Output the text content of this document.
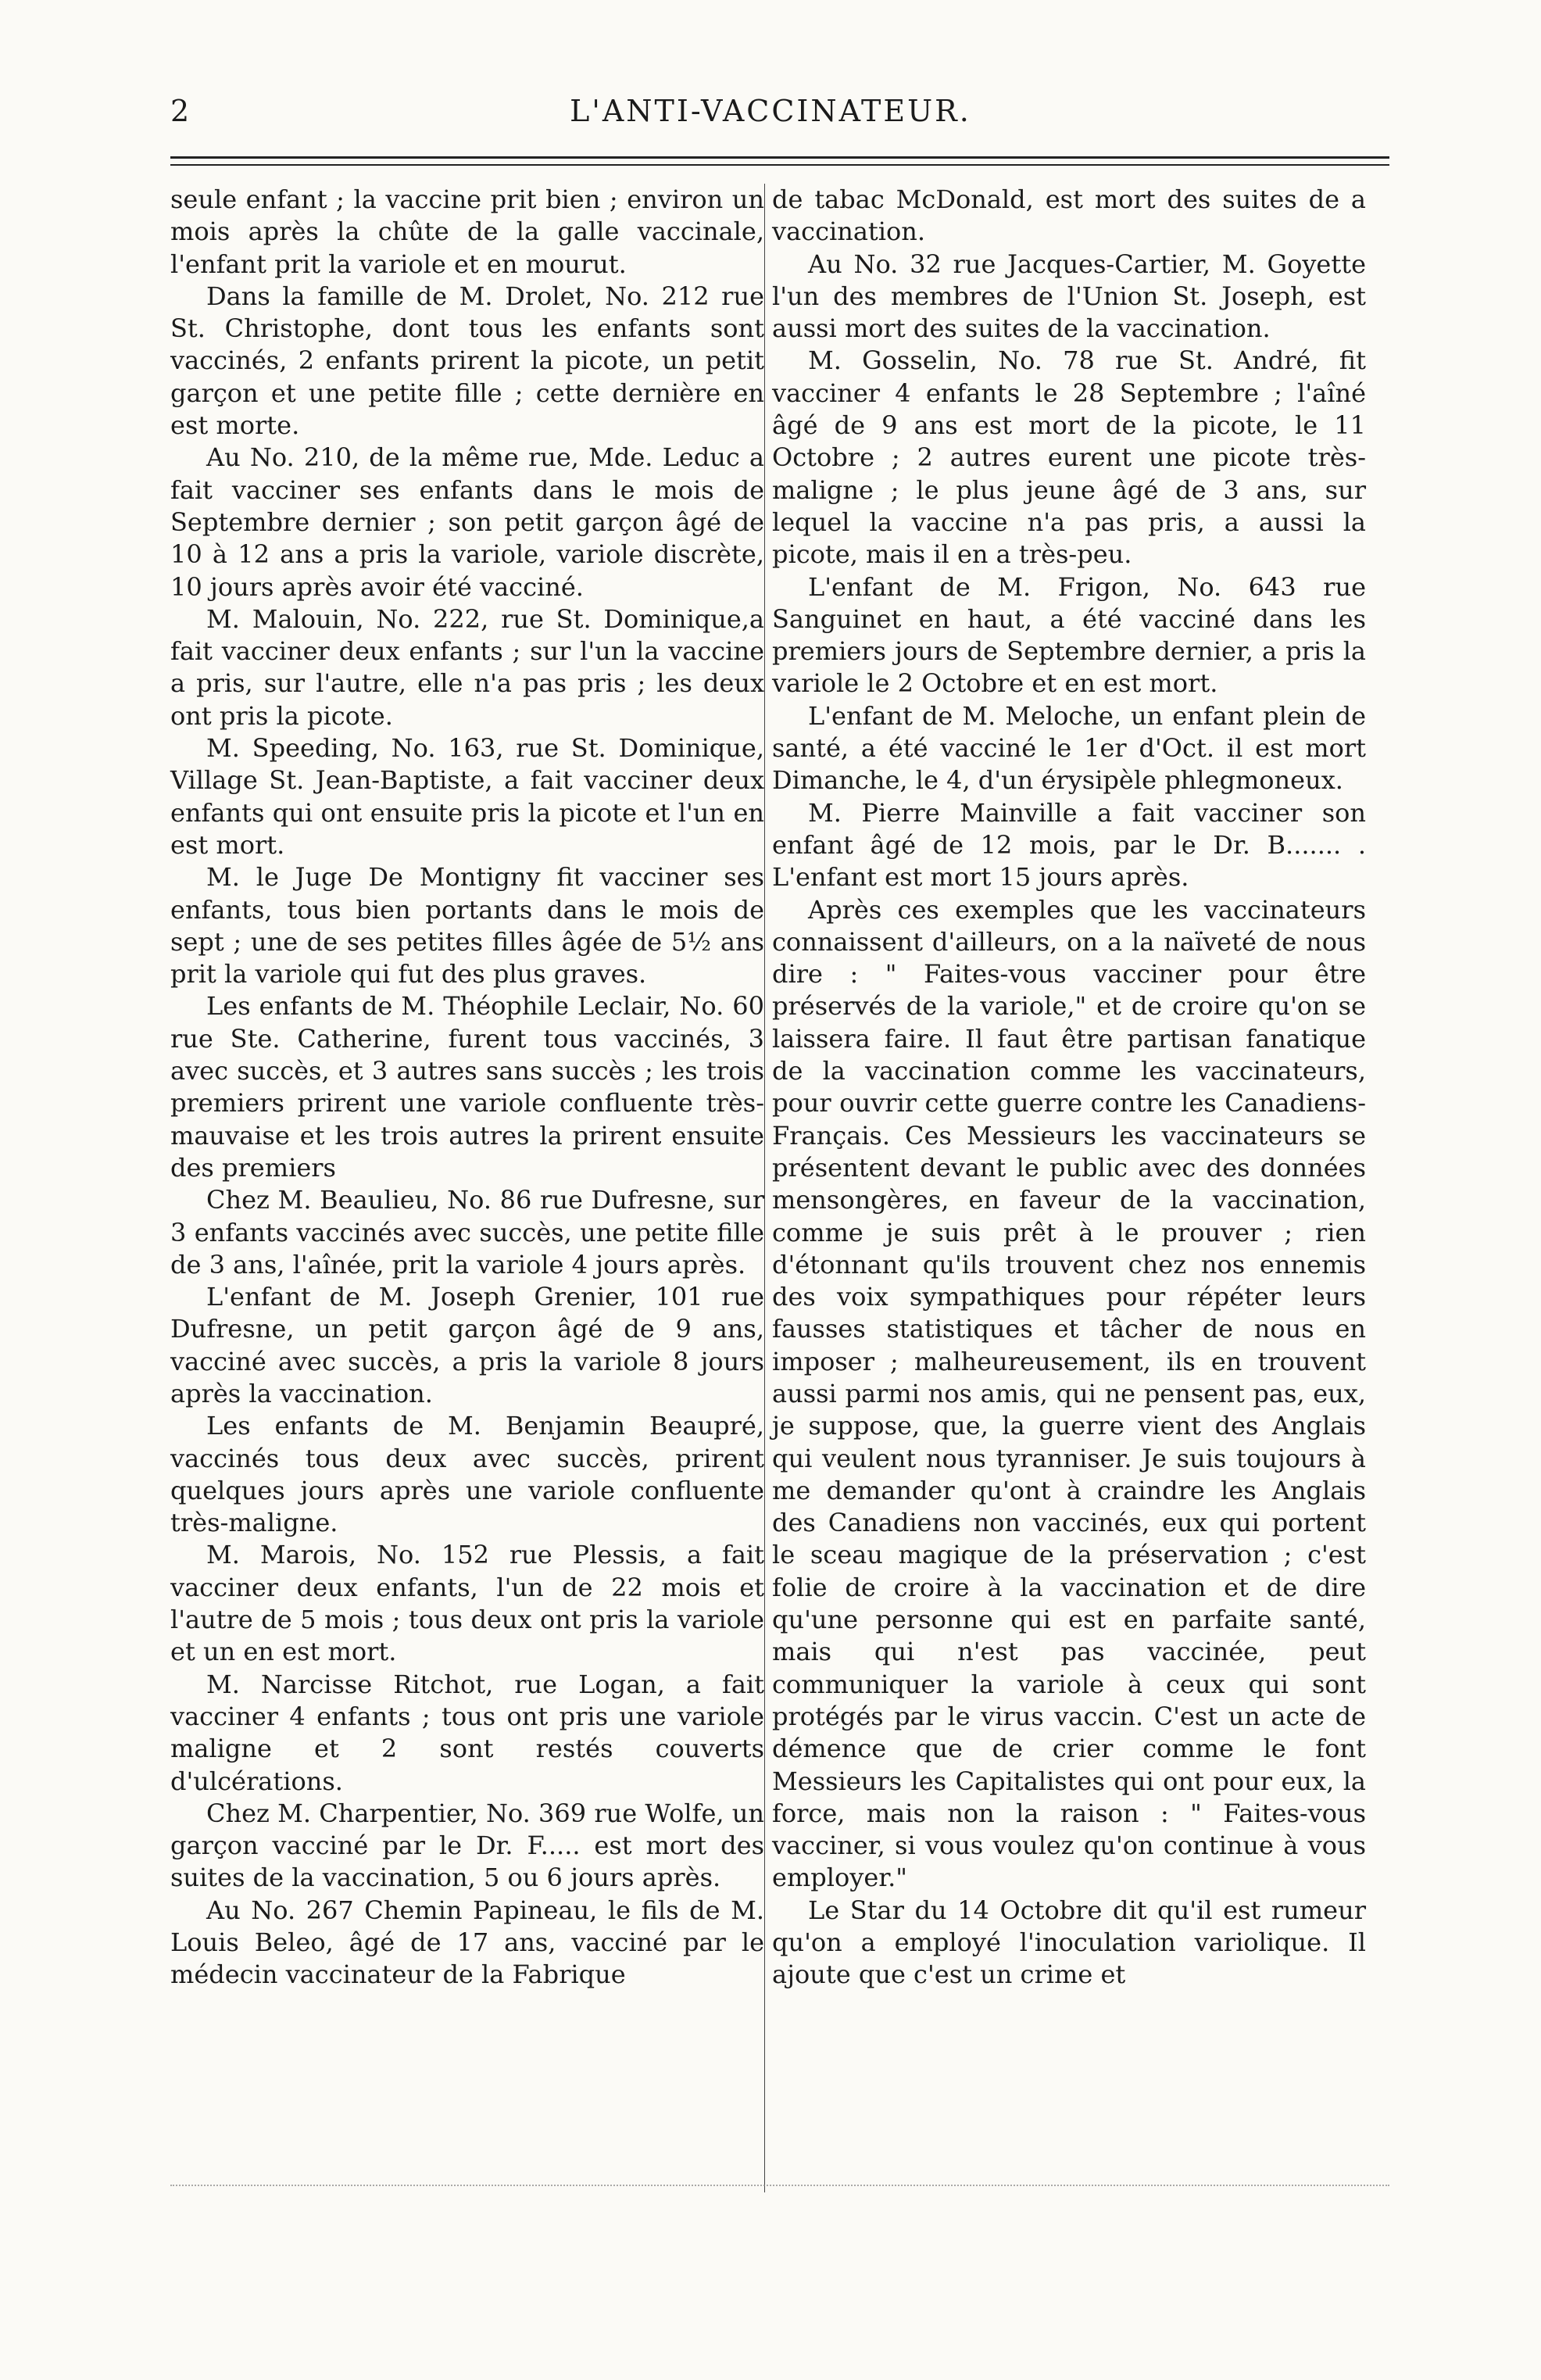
2	L'ANTI-VACCINATEUR.

seule enfant ; la vaccine prit bien ; environ un mois après la chûte de la galle vaccinale, l'enfant prit la variole et en mourut.

Dans la famille de M. Drolet, No. 212 rue St. Christophe, dont tous les enfants sont vaccinés, 2 enfants prirent la picote, un petit garçon et une petite fille ; cette dernière en est morte.

Au No. 210, de la même rue, Mde. Leduc a fait vacciner ses enfants dans le mois de Septembre dernier ; son petit garçon âgé de 10 à 12 ans a pris la variole, variole discrète, 10 jours après avoir été vacciné.

M. Malouin, No. 222, rue St. Dominique,a fait vacciner deux enfants ; sur l'un la vaccine a pris, sur l'autre, elle n'a pas pris ; les deux ont pris la picote.

M. Speeding, No. 163, rue St. Dominique, Village St. Jean-Baptiste, a fait vacciner deux enfants qui ont ensuite pris la picote et l'un en est mort.

M. le Juge De Montigny fit vacciner ses enfants, tous bien portants dans le mois de sept ; une de ses petites filles âgée de 5½ ans prit la variole qui fut des plus graves.

Les enfants de M. Théophile Leclair, No. 60 rue Ste. Catherine, furent tous vaccinés, 3 avec succès, et 3 autres sans succès ; les trois premiers prirent une variole confluente très-mauvaise et les trois autres la prirent ensuite des premiers

Chez M. Beaulieu, No. 86 rue Dufresne, sur 3 enfants vaccinés avec succès, une petite fille de 3 ans, l'aînée, prit la variole 4 jours après.

L'enfant de M. Joseph Grenier, 101 rue Dufresne, un petit garçon âgé de 9 ans, vacciné avec succès, a pris la variole 8 jours après la vaccination.

Les enfants de M. Benjamin Beaupré, vaccinés tous deux avec succès, prirent quelques jours après une variole confluente très-maligne.

M. Marois, No. 152 rue Plessis, a fait vacciner deux enfants, l'un de 22 mois et l'autre de 5 mois ; tous deux ont pris la variole et un en est mort.

M. Narcisse Ritchot, rue Logan, a fait vacciner 4 enfants ; tous ont pris une variole maligne et 2 sont restés couverts d'ulcérations.

Chez M. Charpentier, No. 369 rue Wolfe, un garçon vacciné par le Dr. F..... est mort des suites de la vaccination, 5 ou 6 jours après.

Au No. 267 Chemin Papineau, le fils de M. Louis Beleo, âgé de 17 ans, vacciné par le médecin vaccinateur de la Fabrique

de tabac McDonald, est mort des suites de a vaccination.

Au No. 32 rue Jacques-Cartier, M. Goyette l'un des membres de l'Union St. Joseph, est aussi mort des suites de la vaccination.

M. Gosselin, No. 78 rue St. André, fit vacciner 4 enfants le 28 Septembre ; l'aîné âgé de 9 ans est mort de la picote, le 11 Octobre ; 2 autres eurent une picote très-maligne ; le plus jeune âgé de 3 ans, sur lequel la vaccine n'a pas pris, a aussi la picote, mais il en a très-peu.

L'enfant de M. Frigon, No. 643 rue Sanguinet en haut, a été vacciné dans les premiers jours de Septembre dernier, a pris la variole le 2 Octobre et en est mort.

L'enfant de M. Meloche, un enfant plein de santé, a été vacciné le 1er d'Oct. il est mort Dimanche, le 4, d'un érysipèle phlegmoneux.

M. Pierre Mainville a fait vacciner son enfant âgé de 12 mois, par le Dr. B....... . L'enfant est mort 15 jours après.

Après ces exemples que les vaccinateurs connaissent d'ailleurs, on a la naïveté de nous dire : " Faites-vous vacciner pour être préservés de la variole," et de croire qu'on se laissera faire. Il faut être partisan fanatique de la vaccination comme les vaccinateurs, pour ouvrir cette guerre contre les Canadiens-Français. Ces Messieurs les vaccinateurs se présentent devant le public avec des données mensongères, en faveur de la vaccination, comme je suis prêt à le prouver ; rien d'étonnant qu'ils trouvent chez nos ennemis des voix sympathiques pour répéter leurs fausses statistiques et tâcher de nous en imposer ; malheureusement, ils en trouvent aussi parmi nos amis, qui ne pensent pas, eux, je suppose, que, la guerre vient des Anglais qui veulent nous tyranniser. Je suis toujours à me demander qu'ont à craindre les Anglais des Canadiens non vaccinés, eux qui portent le sceau magique de la préservation ; c'est folie de croire à la vaccination et de dire qu'une personne qui est en parfaite santé, mais qui n'est pas vaccinée, peut communiquer la variole à ceux qui sont protégés par le virus vaccin. C'est un acte de démence que de crier comme le font Messieurs les Capitalistes qui ont pour eux, la force, mais non la raison : " Faites-vous vacciner, si vous voulez qu'on continue à vous employer."

Le Star du 14 Octobre dit qu'il est rumeur qu'on a employé l'inoculation variolique. Il ajoute que c'est un crime et
